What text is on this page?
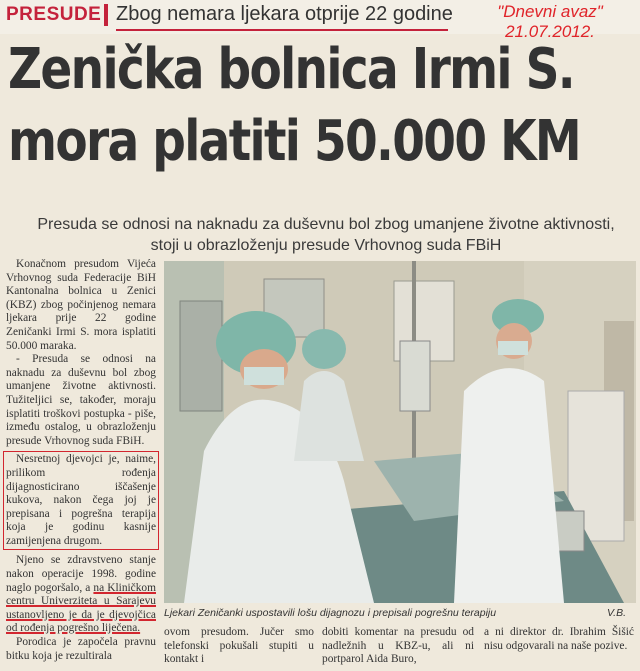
PRESUDE Zbog nemara ljekara otprije 22 godine	"Dnevni avaz"
21.07.2012.
Zenička bolnica Irmi S.
mora platiti 50.000 KM
Presuda se odnosi na naknadu za duševnu bol zbog umanjene životne aktivnosti,
stoji u obrazloženju presude Vrhovnog suda FBiH

Konačnom presudom Vijeća Vrhovnog suda Federacije BiH Kantonalna bolnica u Zenici (KBZ) zbog počinjenog nemara ljekara prije 22 godine Zeničanki Irmi S. mora isplatiti 50.000 maraka.

- Presuda se odnosi na naknadu za duševnu bol zbog umanjene životne aktivnosti. Tužiteljici se, također, moraju isplatiti troškovi postupka - piše, između ostalog, u obrazloženju presude Vrhovnog suda FBiH.

Nesretnoj djevojci je, naime, prilikom rođenja dijagnosticirano iščašenje kukova, nakon čega joj je prepisana i pogrešna terapija koja je godinu kasnije zamijenjena drugom.

Njeno se zdravstveno stanje nakon operacije 1998. godine naglo pogoršalo, a na Kliničkom centru Univerziteta u Sarajevu ustanovljeno je da je djevojčica od rođenja pogrešno liječena.

Porodica je započela pravnu bitku koja je rezultirala

Ljekari Zeničanki uspostavili lošu dijagnozu i prepisali pogrešnu terapiju	V.B.
ovom presudom. Jučer smo telefonski pokušali stupiti u kontakt i
dobiti komentar na presudu od nadležnih u KBZ-u, ali ni portparol Aida Buro,
a ni direktor dr. Ibrahim Šišić nisu odgovarali na naše pozive.
